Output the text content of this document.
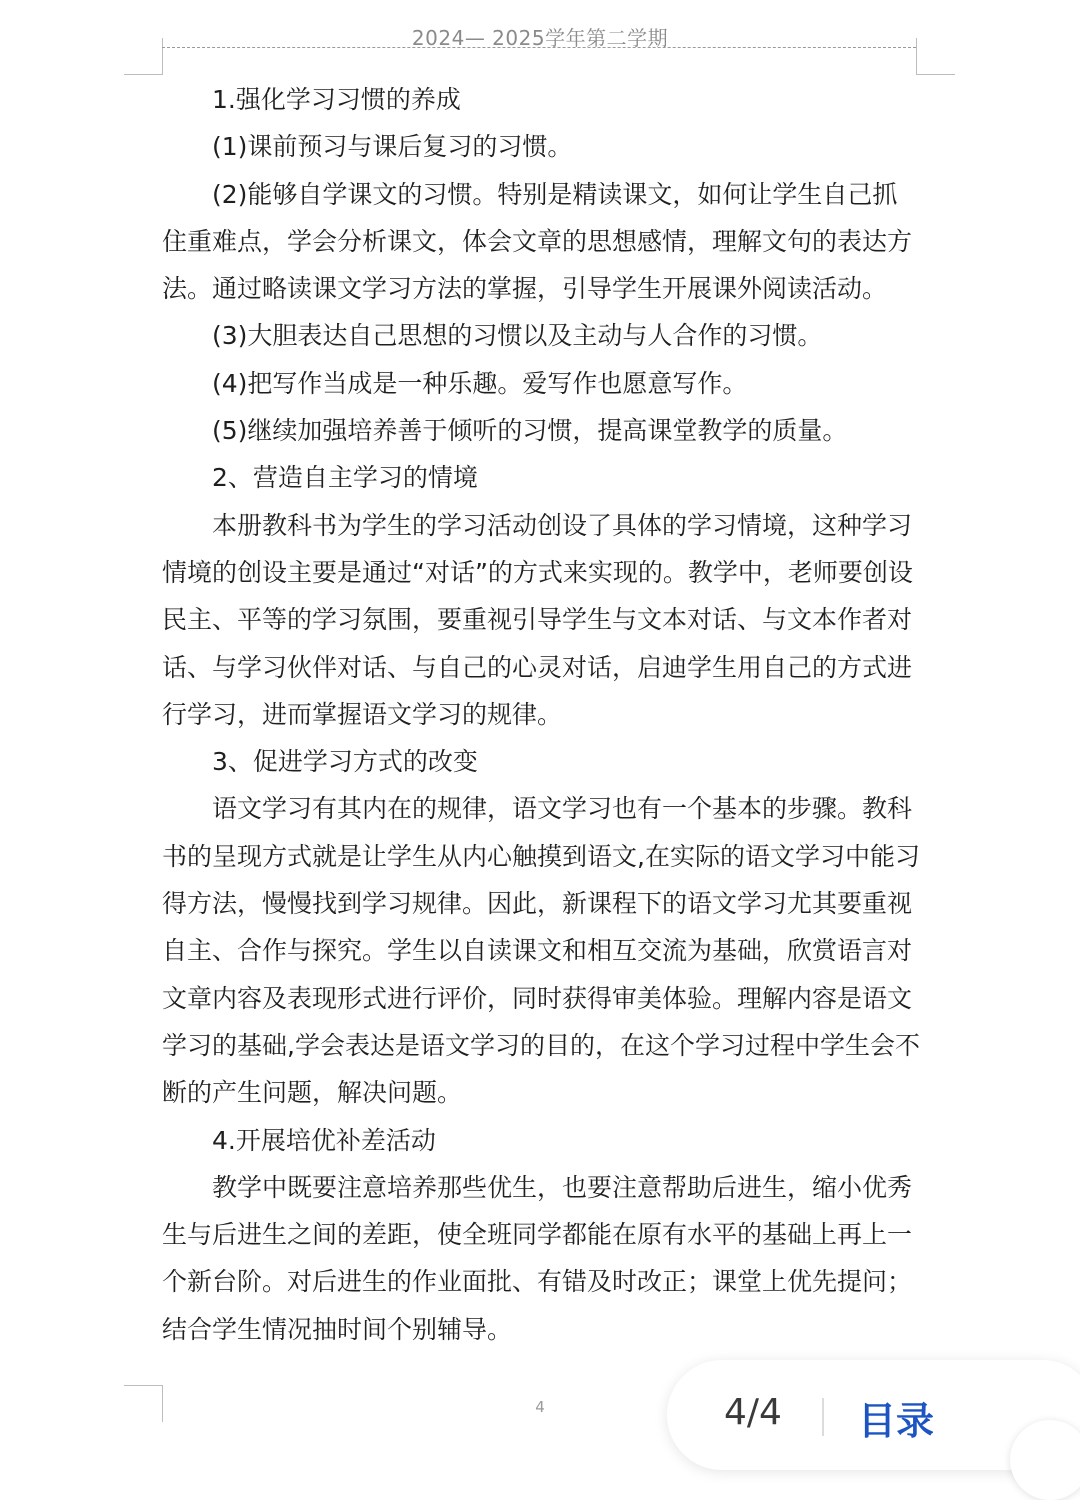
2024— 2025学年第二学期

1.强化学习习惯的养成

(1)课前预习与课后复习的习惯。

(2)能够自学课文的习惯。特别是精读课文，如何让学生自己抓住重难点，学会分析课文，体会文章的思想感情，理解文句的表达方法。通过略读课文学习方法的掌握，引导学生开展课外阅读活动。

(3)大胆表达自己思想的习惯以及主动与人合作的习惯。

(4)把写作当成是一种乐趣。爱写作也愿意写作。

(5)继续加强培养善于倾听的习惯，提高课堂教学的质量。

2、营造自主学习的情境

本册教科书为学生的学习活动创设了具体的学习情境，这种学习情境的创设主要是通过“对话”的方式来实现的。教学中，老师要创设民主、平等的学习氛围，要重视引导学生与文本对话、与文本作者对话、与学习伙伴对话、与自己的心灵对话，启迪学生用自己的方式进行学习，进而掌握语文学习的规律。

3、促进学习方式的改变

语文学习有其内在的规律，语文学习也有一个基本的步骤。教科书的呈现方式就是让学生从内心触摸到语文,在实际的语文学习中能习得方法，慢慢找到学习规律。因此，新课程下的语文学习尤其要重视自主、合作与探究。学生以自读课文和相互交流为基础，欣赏语言对文章内容及表现形式进行评价，同时获得审美体验。理解内容是语文学习的基础,学会表达是语文学习的目的，在这个学习过程中学生会不断的产生问题，解决问题。

4.开展培优补差活动

教学中既要注意培养那些优生，也要注意帮助后进生，缩小优秀生与后进生之间的差距，使全班同学都能在原有水平的基础上再上一个新台阶。对后进生的作业面批、有错及时改正；课堂上优先提问；结合学生情况抽时间个别辅导。

4	4/4 目录
